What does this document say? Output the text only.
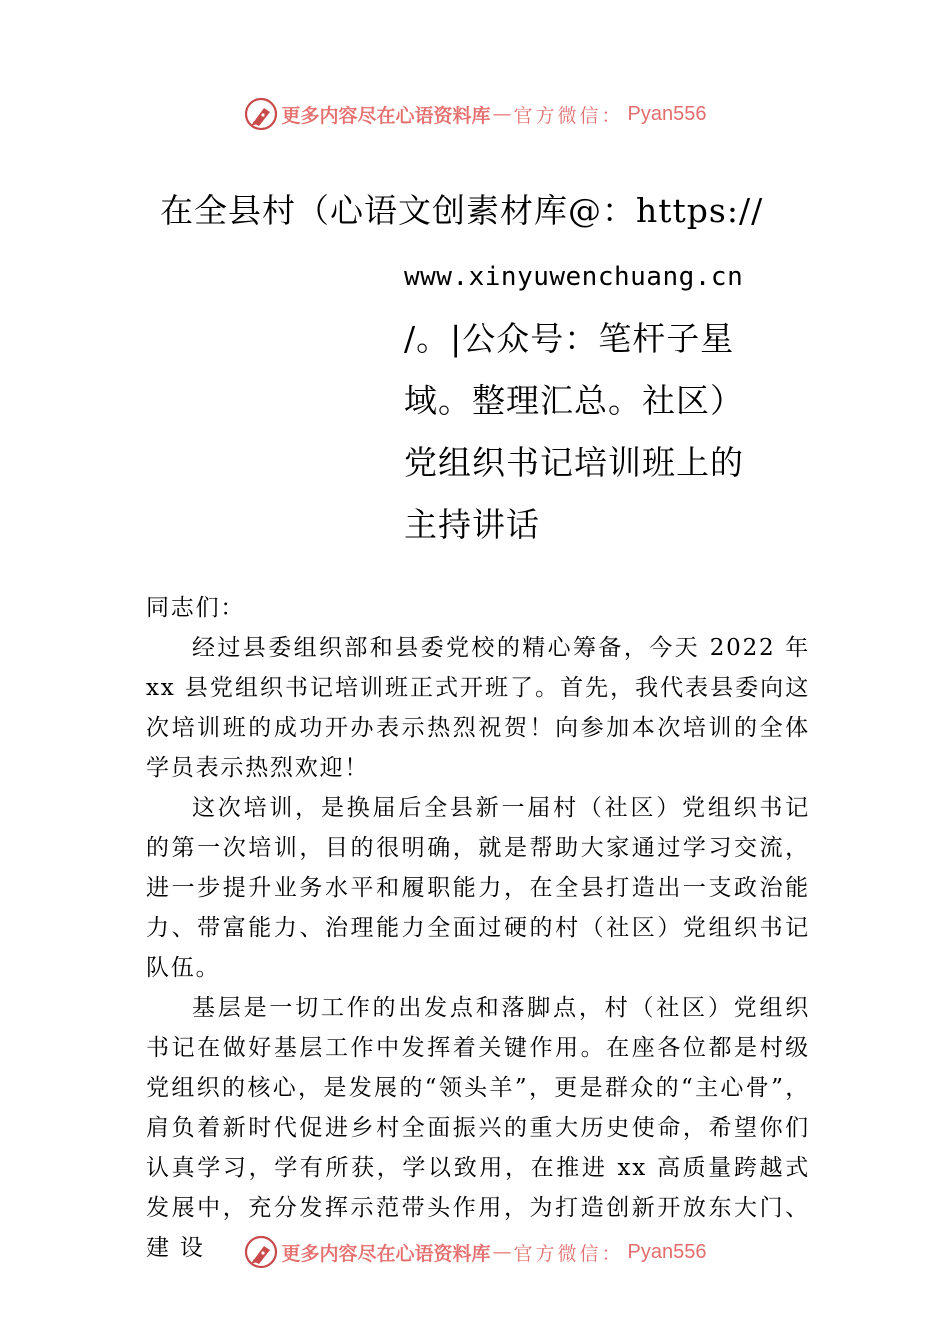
更多内容尽在心语资料库 — 官方微信： Pyan556
在全县村（心语文创素材库@：https://
www.xinyuwenchuang.cn
/。|公众号：笔杆子星
域。整理汇总。社区）
党组织书记培训班上的
主持讲话

同志们：

经过县委组织部和县委党校的精心筹备，今天 2022 年 xx 县党组织书记培训班正式开班了。首先，我代表县委向这次培训班的成功开办表示热烈祝贺！向参加本次培训的全体学员表示热烈欢迎！

这次培训，是换届后全县新一届村（社区）党组织书记的第一次培训，目的很明确，就是帮助大家通过学习交流， 进一步提升业务水平和履职能力，在全县打造出一支政治能力、带富能力、治理能力全面过硬的村（社区）党组织书记队伍。

基层是一切工作的出发点和落脚点，村（社区）党组织书记在做好基层工作中发挥着关键作用。在座各位都是村级党组织的核心，是发展的“领头羊”，更是群众的“主心骨”，肩负着新时代促进乡村全面振兴的重大历史使命，希望你们认真学习，学有所获，学以致用，在推进 xx 高质量跨越式发展中，充分发挥示范带头作用，为打造创新开放东大门、建 设	更多内容尽在心语资料库 — 官方微信： Pyan556
